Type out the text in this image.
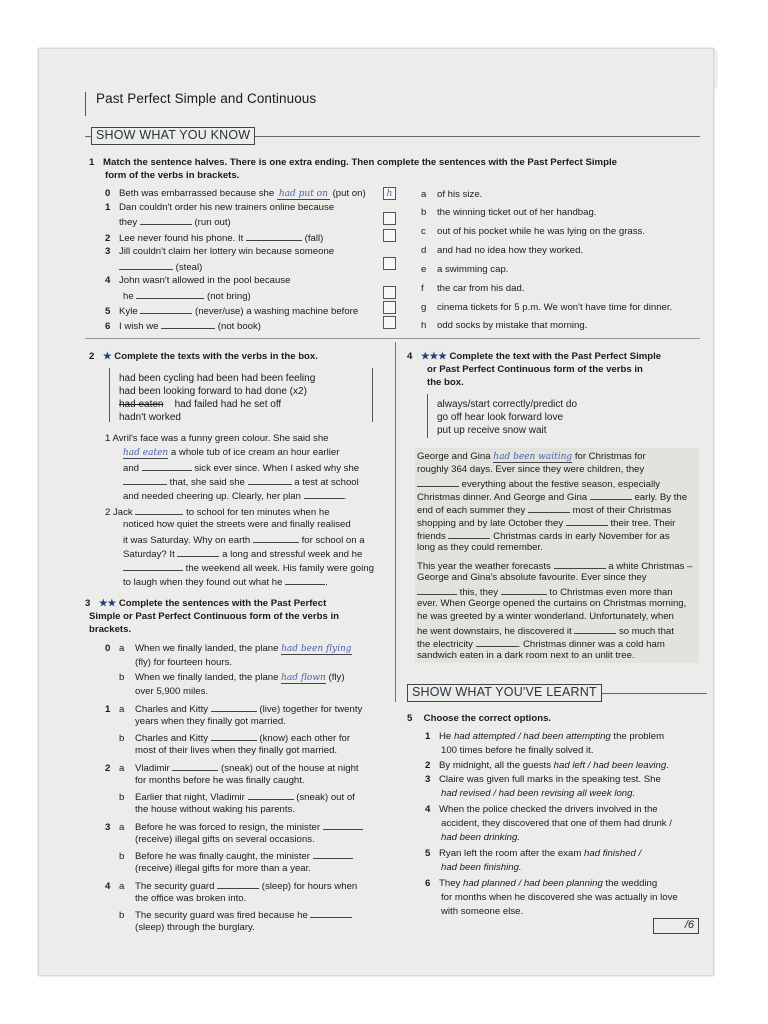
Past Perfect Simple and Continuous
SHOW WHAT YOU KNOW
1 Match the sentence halves. There is one extra ending. Then complete the sentences with the Past Perfect Simple
form of the verbs in brackets.
0 Beth was embarrassed because she had put on (put on)	h
1 Dan couldn't order his new trainers online because
they	(run out)
2 Lee never found his phone. It	(fall)
3 Jill couldn't claim her lottery win because someone
(steal)
4 John wasn't allowed in the pool because
he	(not bring)
5 Kyle	(never/use) a washing machine before
6 I wish we	(not book)
a of his size.
b the winning ticket out of her handbag.
c out of his pocket while he was lying on the grass.
d and had no idea how they worked.
e a swimming cap.
f the car from his dad.
g cinema tickets for 5 p.m. We won't have time for dinner.
h odd socks by mistake that morning.
2 ★ Complete the texts with the verbs in the box.
had been cycling had been had been feeling
had been looking forward to had done (x2)
had eaten had failed had he set off
hadn't worked
1 Avril's face was a funny green colour. She said she
had eaten a whole tub of ice cream an hour earlier
and	sick ever since. When I asked why she
that, she said she	a test at school
and needed cheering up. Clearly, her plan	.
2 Jack	to school for ten minutes when he
noticed how quiet the streets were and finally realised
it was Saturday. Why on earth	for school on a
Saturday? It	a long and stressful week and he
the weekend all week. His family were going
to laugh when they found out what he	.
3 ★★ Complete the sentences with the Past Perfect
Simple or Past Perfect Continuous form of the verbs in
brackets.
0 a When we finally landed, the plane had been flying
(fly) for fourteen hours.
b When we finally landed, the plane had flown (fly)
over 5,900 miles.
1 a Charles and Kitty	(live) together for twenty
years when they finally got married.
b Charles and Kitty	(know) each other for
most of their lives when they finally got married.
2 a Vladimir	(sneak) out of the house at night
for months before he was finally caught.
b Earlier that night, Vladimir	(sneak) out of
the house without waking his parents.
3 a Before he was forced to resign, the minister
(receive) illegal gifts on several occasions.
b Before he was finally caught, the minister
(receive) illegal gifts for more than a year.
4 a The security guard	(sleep) for hours when
the office was broken into.
b The security guard was fired because he
(sleep) through the burglary.
4 ★★★ Complete the text with the Past Perfect Simple
or Past Perfect Continuous form of the verbs in
the box.
always/start correctly/predict do
go off hear look forward love
put up receive snow wait
George and Gina had been waiting for Christmas for
roughly 364 days. Ever since they were children, they
everything about the festive season, especially
Christmas dinner. And George and Gina	early. By the
end of each summer they	most of their Christmas
shopping and by late October they	their tree. Their
friends	Christmas cards in early November for as
long as they could remember.
This year the weather forecasts	a white Christmas –
George and Gina's absolute favourite. Ever since they
this, they	to Christmas even more than
ever. When George opened the curtains on Christmas morning,
he was greeted by a winter wonderland. Unfortunately, when
he went downstairs, he discovered it	so much that
the electricity	. Christmas dinner was a cold ham
sandwich eaten in a dark room next to an unlit tree.
SHOW WHAT YOU'VE LEARNT
5 Choose the correct options.
1 He had attempted / had been attempting the problem
100 times before he finally solved it.
2 By midnight, all the guests had left / had been leaving.
3 Claire was given full marks in the speaking test. She
had revised / had been revising all week long.
4 When the police checked the drivers involved in the
accident, they discovered that one of them had drunk /
had been drinking.
5 Ryan left the room after the exam had finished /
had been finishing.
6 They had planned / had been planning the wedding
for months when he discovered she was actually in love
with someone else.
/6
